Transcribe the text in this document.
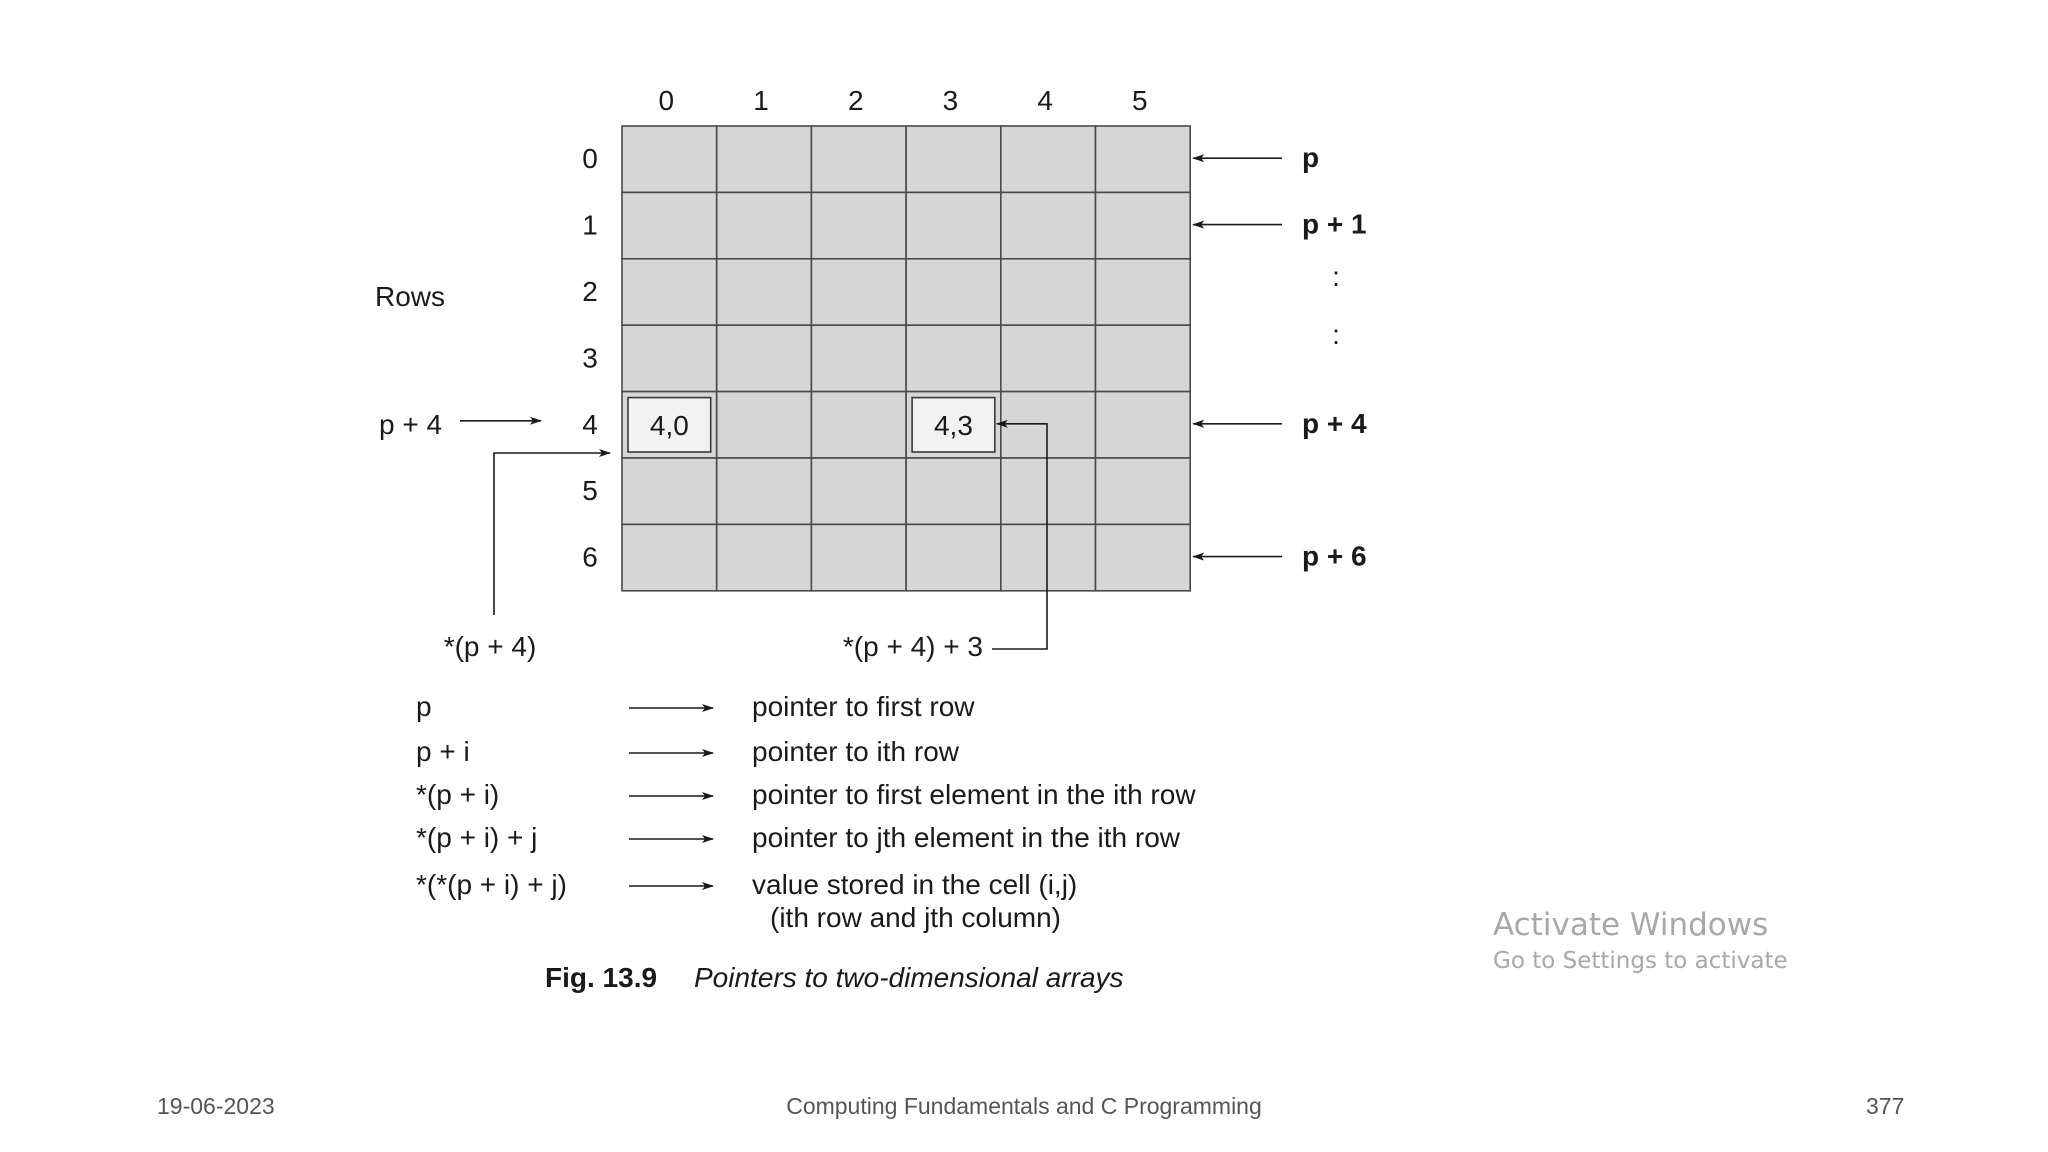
4,0	4,3
0	1	2	3	4	5
0
1
2
3
4
5
6
p
p + 1
p + 4
p + 6
:
:
p	pointer to first row
p + i	pointer to ith row
*(p + i)	pointer to first element in the ith row
*(p + i) + j	pointer to jth element in the ith row
*(*(p + i) + j)	value stored in the cell (i,j)
(ith row and jth column)
Rows
p + 4
*(p + 4)	*(p + 4) + 3
Fig. 13.9 Pointers to two-dimensional arrays
19-06-2023	Computing Fundamentals and C Programming	377
Activate Windows
Go to Settings to activate
